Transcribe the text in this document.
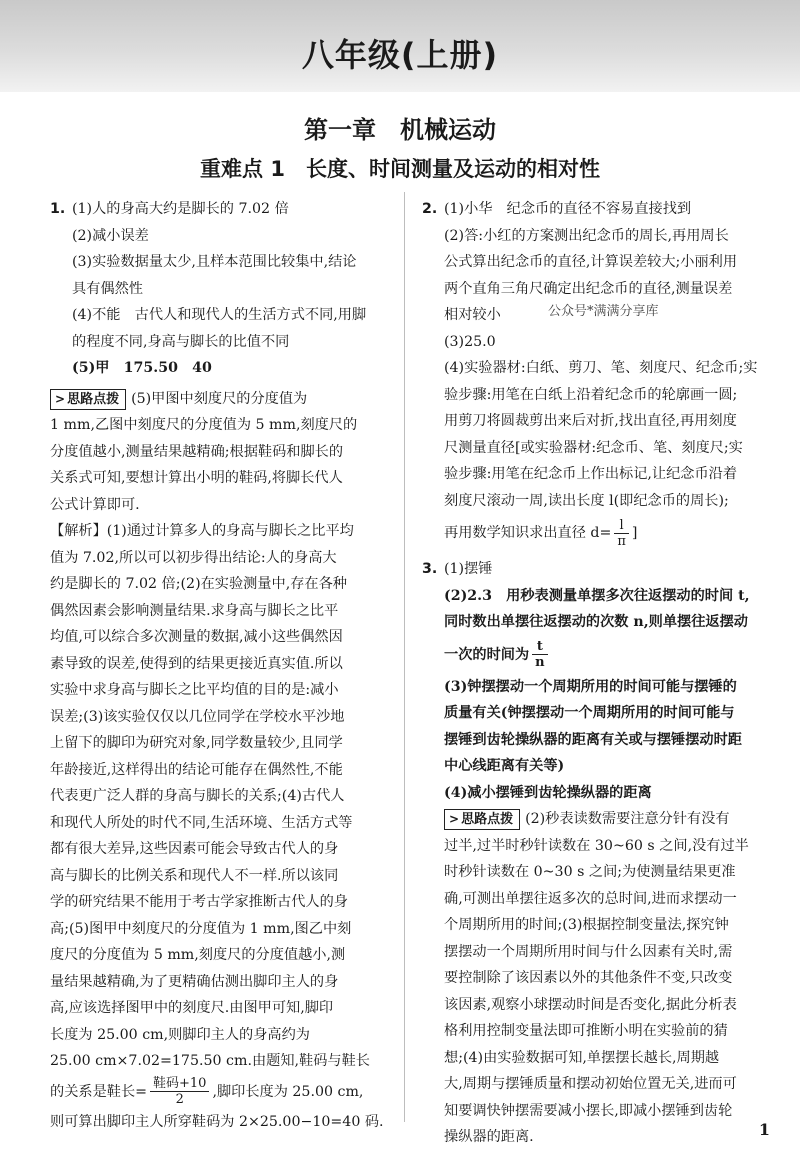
八年级(上册)
第一章　机械运动
重难点 1　长度、时间测量及运动的相对性
1. (1)人的身高大约是脚长的 7.02 倍
(2)减小误差
(3)实验数据量太少,且样本范围比较集中,结论
具有偶然性
(4)不能　古代人和现代人的生活方式不同,用脚
的程度不同,身高与脚长的比值不同
(5)甲　175.50　40
> 思路点拨 (5)甲图中刻度尺的分度值为
1 mm,乙图中刻度尺的分度值为 5 mm,刻度尺的
分度值越小,测量结果越精确;根据鞋码和脚长的
关系式可知,要想计算出小明的鞋码,将脚长代人
公式计算即可.
【解析】(1)通过计算多人的身高与脚长之比平均
值为 7.02,所以可以初步得出结论:人的身高大
约是脚长的 7.02 倍;(2)在实验测量中,存在各种
偶然因素会影响测量结果.求身高与脚长之比平
均值,可以综合多次测量的数据,减小这些偶然因
素导致的误差,使得到的结果更接近真实值.所以
实验中求身高与脚长之比平均值的目的是:减小
误差;(3)该实验仅仅以几位同学在学校水平沙地
上留下的脚印为研究对象,同学数量较少,且同学
年龄接近,这样得出的结论可能存在偶然性,不能
代表更广泛人群的身高与脚长的关系;(4)古代人
和现代人所处的时代不同,生活环境、生活方式等
都有很大差异,这些因素可能会导致古代人的身
高与脚长的比例关系和现代人不一样.所以该同
学的研究结果不能用于考古学家推断古代人的身
高;(5)图甲中刻度尺的分度值为 1 mm,图乙中刻
度尺的分度值为 5 mm,刻度尺的分度值越小,测
量结果越精确,为了更精确估测出脚印主人的身
高,应该选择图甲中的刻度尺.由图甲可知,脚印
长度为 25.00 cm,则脚印主人的身高约为
25.00 cm×7.02=175.50 cm.由题知,鞋码与鞋长
的关系是鞋长= $\frac{\text{鞋码+10}}{2}$ ,脚印长度为 25.00 cm,
则可算出脚印主人所穿鞋码为 2×25.00−10=40 码.
2. (1)小华　纪念币的直径不容易直接找到
(2)答:小红的方案测出纪念币的周长,再用周长
公式算出纪念币的直径,计算误差较大;小丽利用
两个直角三角尺确定出纪念币的直径,测量误差
相对较小
(3)25.0
(4)实验器材:白纸、剪刀、笔、刻度尺、纪念币;实
验步骤:用笔在白纸上沿着纪念币的轮廓画一圆;
用剪刀将圆裁剪出来后对折,找出直径,再用刻度
尺测量直径[或实验器材:纪念币、笔、刻度尺;实
验步骤:用笔在纪念币上作出标记,让纪念币沿着
刻度尺滚动一周,读出长度 l(即纪念币的周长);
再用数学知识求出直径 $d= \frac{l}{\pi}$ ]
3. (1)摆锤
(2)2.3　用秒表测量单摆多次往返摆动的时间 t,
同时数出单摆往返摆动的次数 n,则单摆往返摆动
一次的时间为 $\frac{t}{n}$
(3)钟摆摆动一个周期所用的时间可能与摆锤的
质量有关(钟摆摆动一个周期所用的时间可能与
摆锤到齿轮操纵器的距离有关或与摆锤摆动时距
中心线距离有关等)
(4)减小摆锤到齿轮操纵器的距离
> 思路点拨 (2)秒表读数需要注意分针有没有
过半,过半时秒针读数在 30~60 s 之间,没有过半
时秒针读数在 0~30 s 之间;为使测量结果更准
确,可测出单摆往返多次的总时间,进而求摆动一
个周期所用的时间;(3)根据控制变量法,探究钟
摆摆动一个周期所用时间与什么因素有关时,需
要控制除了该因素以外的其他条件不变,只改变
该因素,观察小球摆动时间是否变化,据此分析表
格利用控制变量法即可推断小明在实验前的猜
想;(4)由实验数据可知,单摆摆长越长,周期越
大,周期与摆锤质量和摆动初始位置无关,进而可
知要调快钟摆需要减小摆长,即减小摆锤到齿轮
操纵器的距离.
公众号*满满分享库
1
